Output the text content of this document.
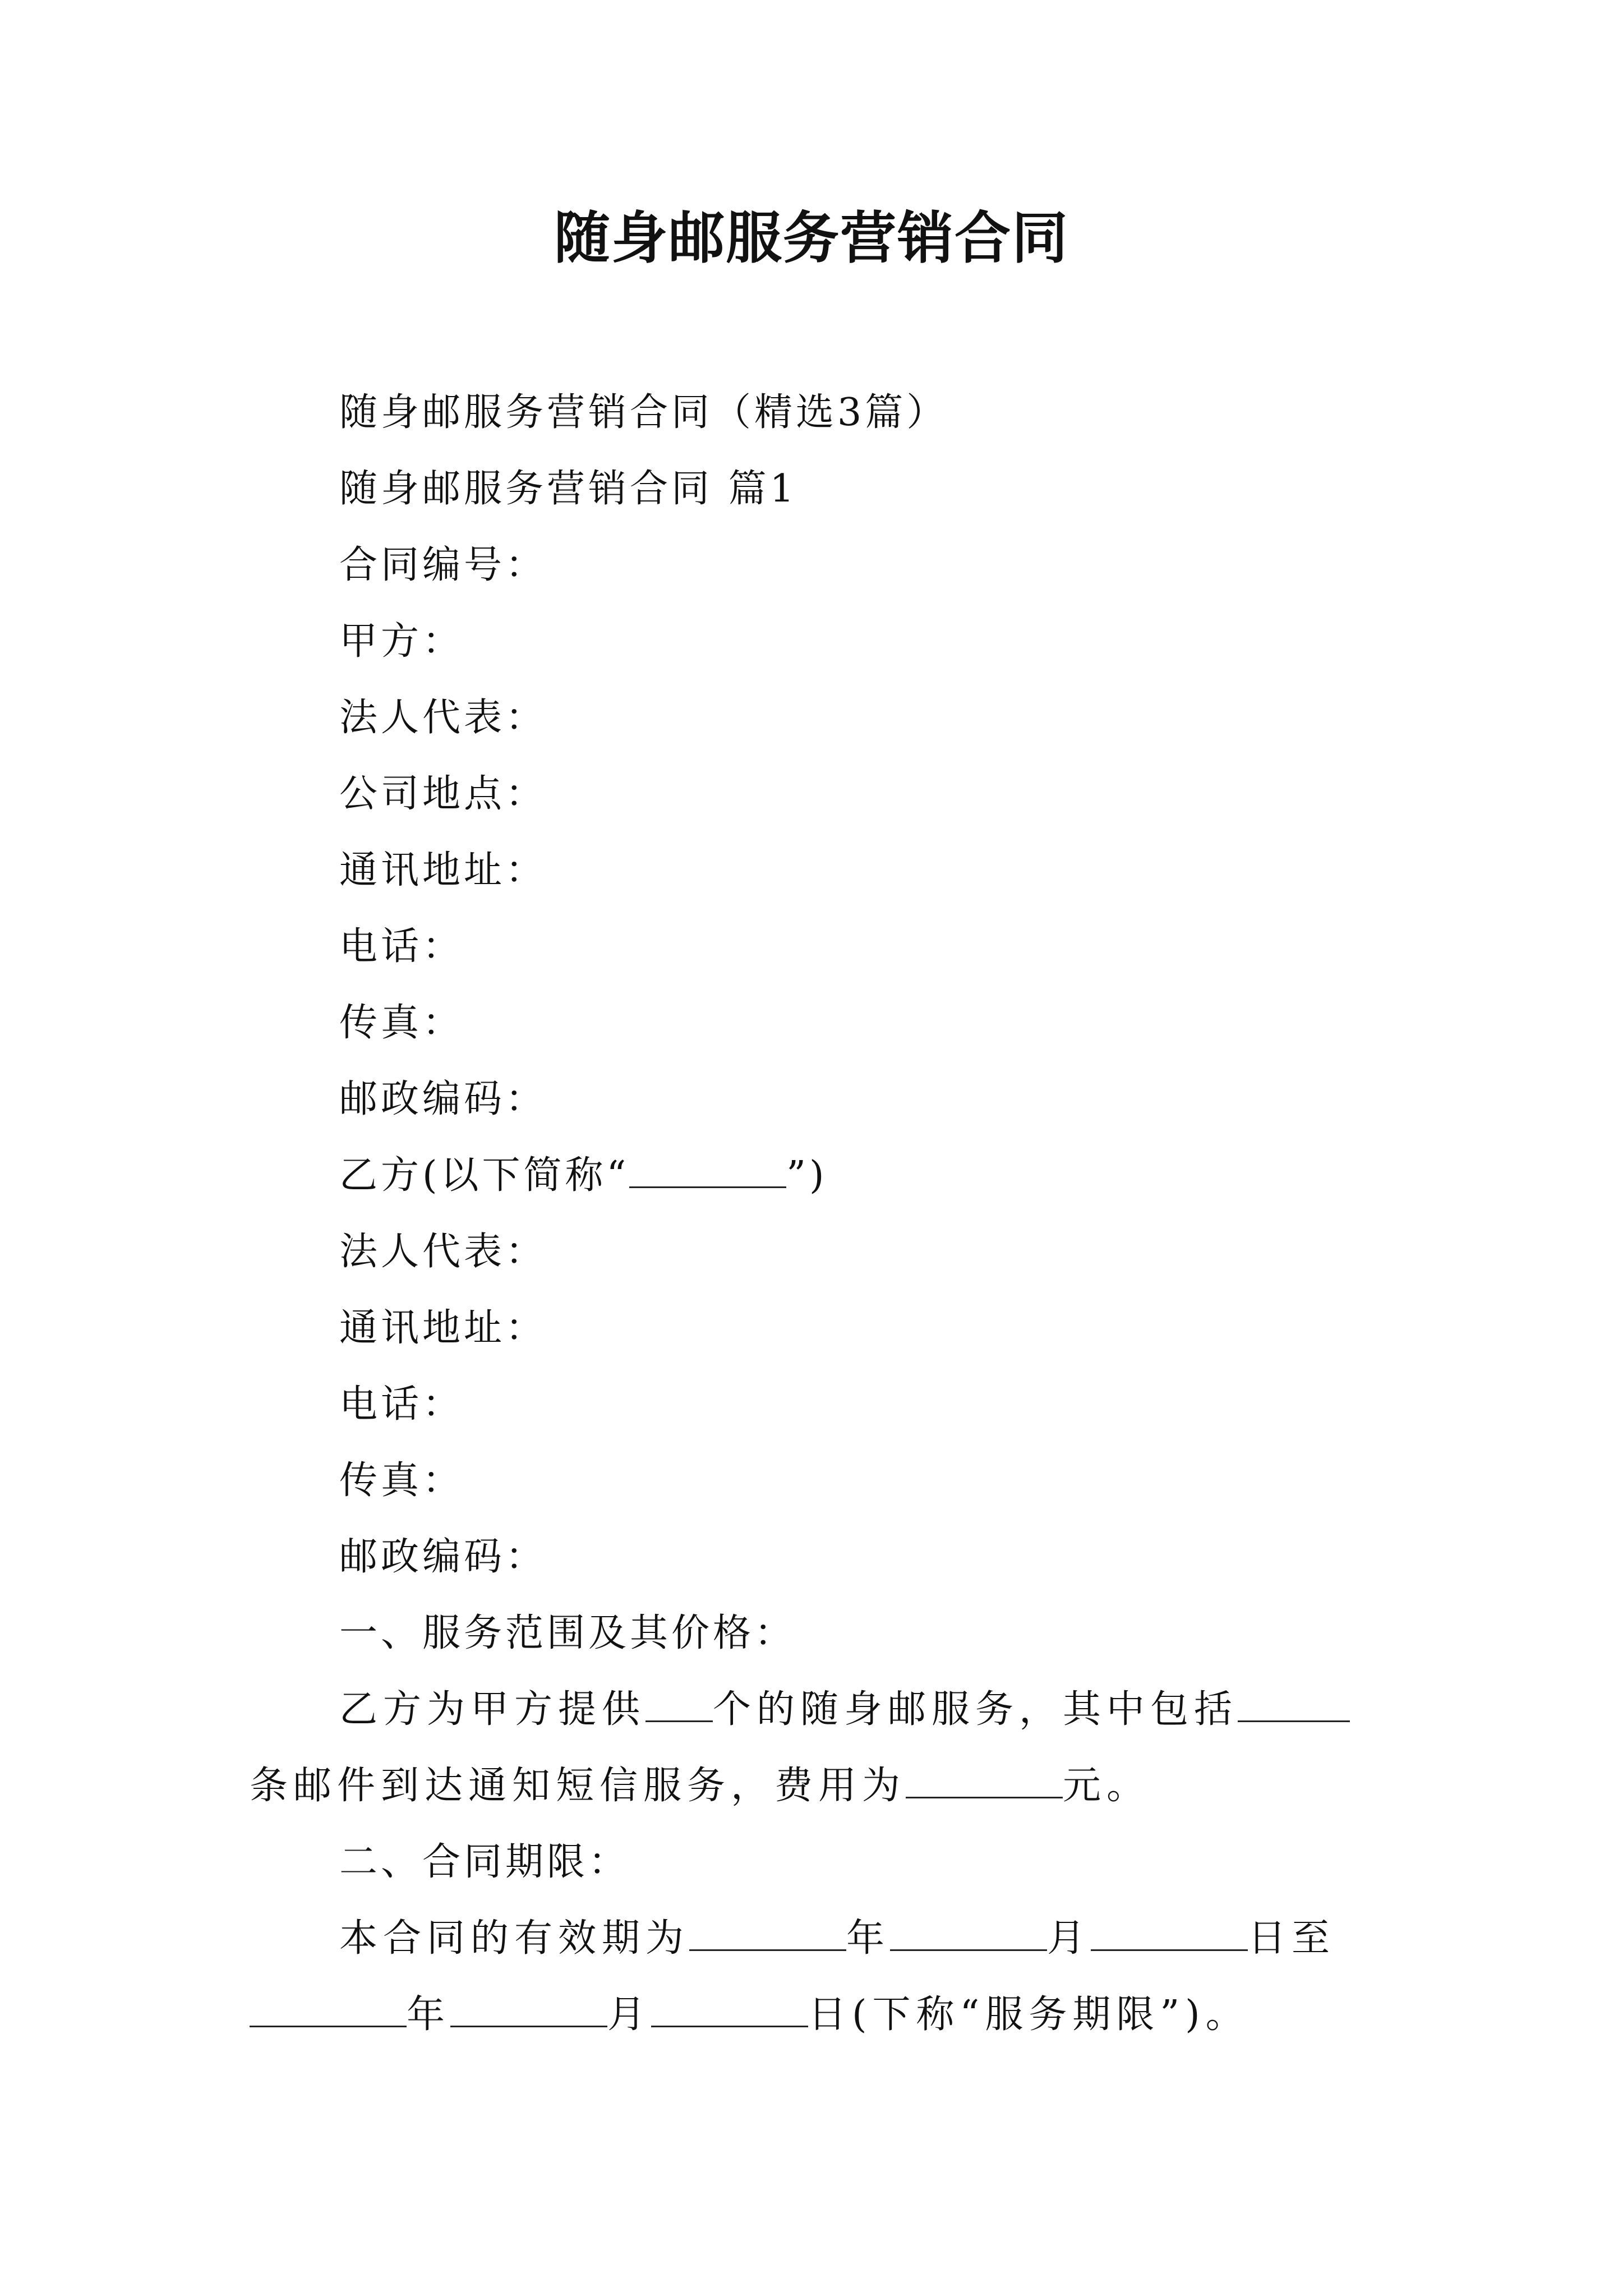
随身邮服务营销合同
随身邮服务营销合同（精选3篇）
随身邮服务营销合同 篇1
合同编号：
甲方：
法人代表：
公司地点：
通讯地址：
电话：
传真：
邮政编码：
乙方(以下简称“	”)
法人代表：
通讯地址：
电话：
传真：
邮政编码：
一、服务范围及其价格：
乙方为甲方提供 个的随身邮服务，其中包括条邮件到达通知短信服务，费用为	元。
二、合同期限：
本合同的有效期为	年	月	日至年	月	日(下称“服务期限”)。
